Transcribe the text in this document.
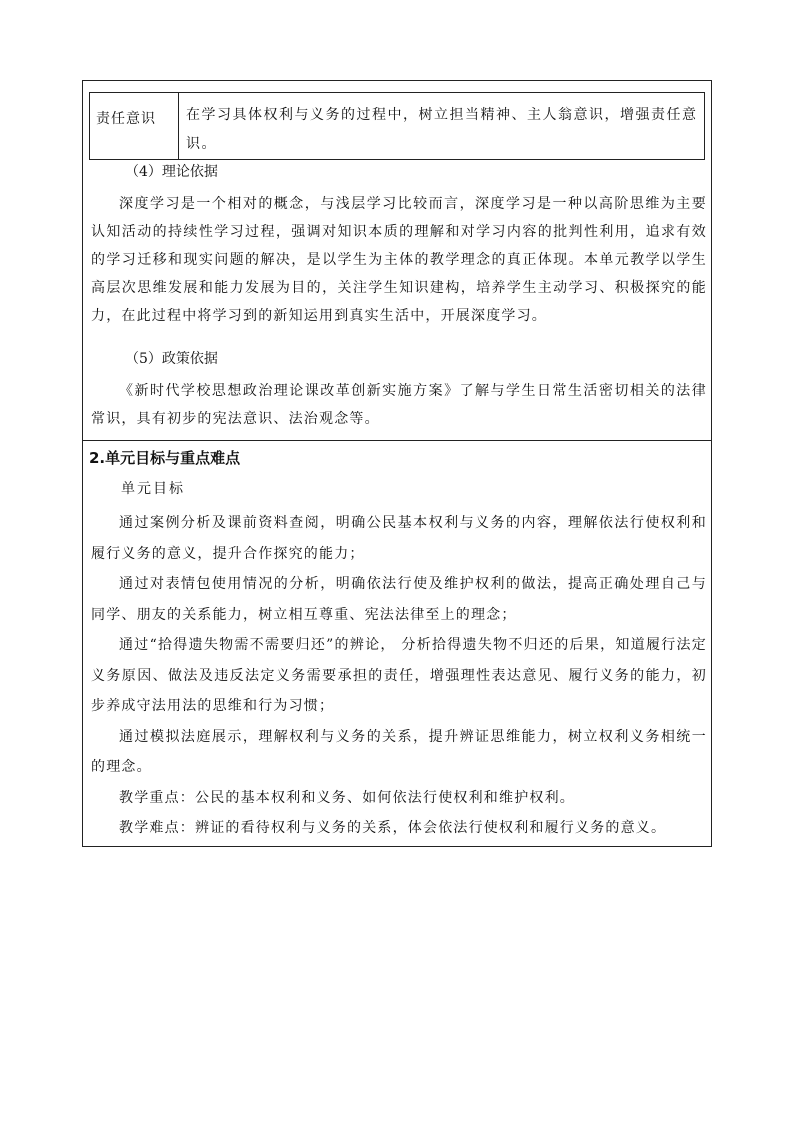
责任意识 在学习具体权利与义务的过程中，树立担当精神、主人翁意识，增强责任意识。
（4）理论依据

深度学习是一个相对的概念，与浅层学习比较而言，深度学习是一种以高阶思维为主要认知活动的持续性学习过程，强调对知识本质的理解和对学习内容的批判性利用，追求有效的学习迁移和现实问题的解决，是以学生为主体的教学理念的真正体现。本单元教学以学生高层次思维发展和能力发展为目的，关注学生知识建构，培养学生主动学习、积极探究的能力，在此过程中将学习到的新知运用到真实生活中，开展深度学习。

（5）政策依据

《新时代学校思想政治理论课改革创新实施方案》了解与学生日常生活密切相关的法律常识，具有初步的宪法意识、法治观念等。

2.单元目标与重点难点
单元目标

通过案例分析及课前资料查阅，明确公民基本权利与义务的内容，理解依法行使权利和履行义务的意义，提升合作探究的能力；

通过对表情包使用情况的分析，明确依法行使及维护权利的做法，提高正确处理自己与同学、朋友的关系能力，树立相互尊重、宪法法律至上的理念；

通过“拾得遗失物需不需要归还”的辨论， 分析拾得遗失物不归还的后果，知道履行法定义务原因、做法及违反法定义务需要承担的责任，增强理性表达意见、履行义务的能力，初步养成守法用法的思维和行为习惯；

通过模拟法庭展示，理解权利与义务的关系，提升辨证思维能力，树立权利义务相统一的理念。

教学重点：公民的基本权利和义务、如何依法行使权利和维护权利。

教学难点：辨证的看待权利与义务的关系，体会依法行使权利和履行义务的意义。
